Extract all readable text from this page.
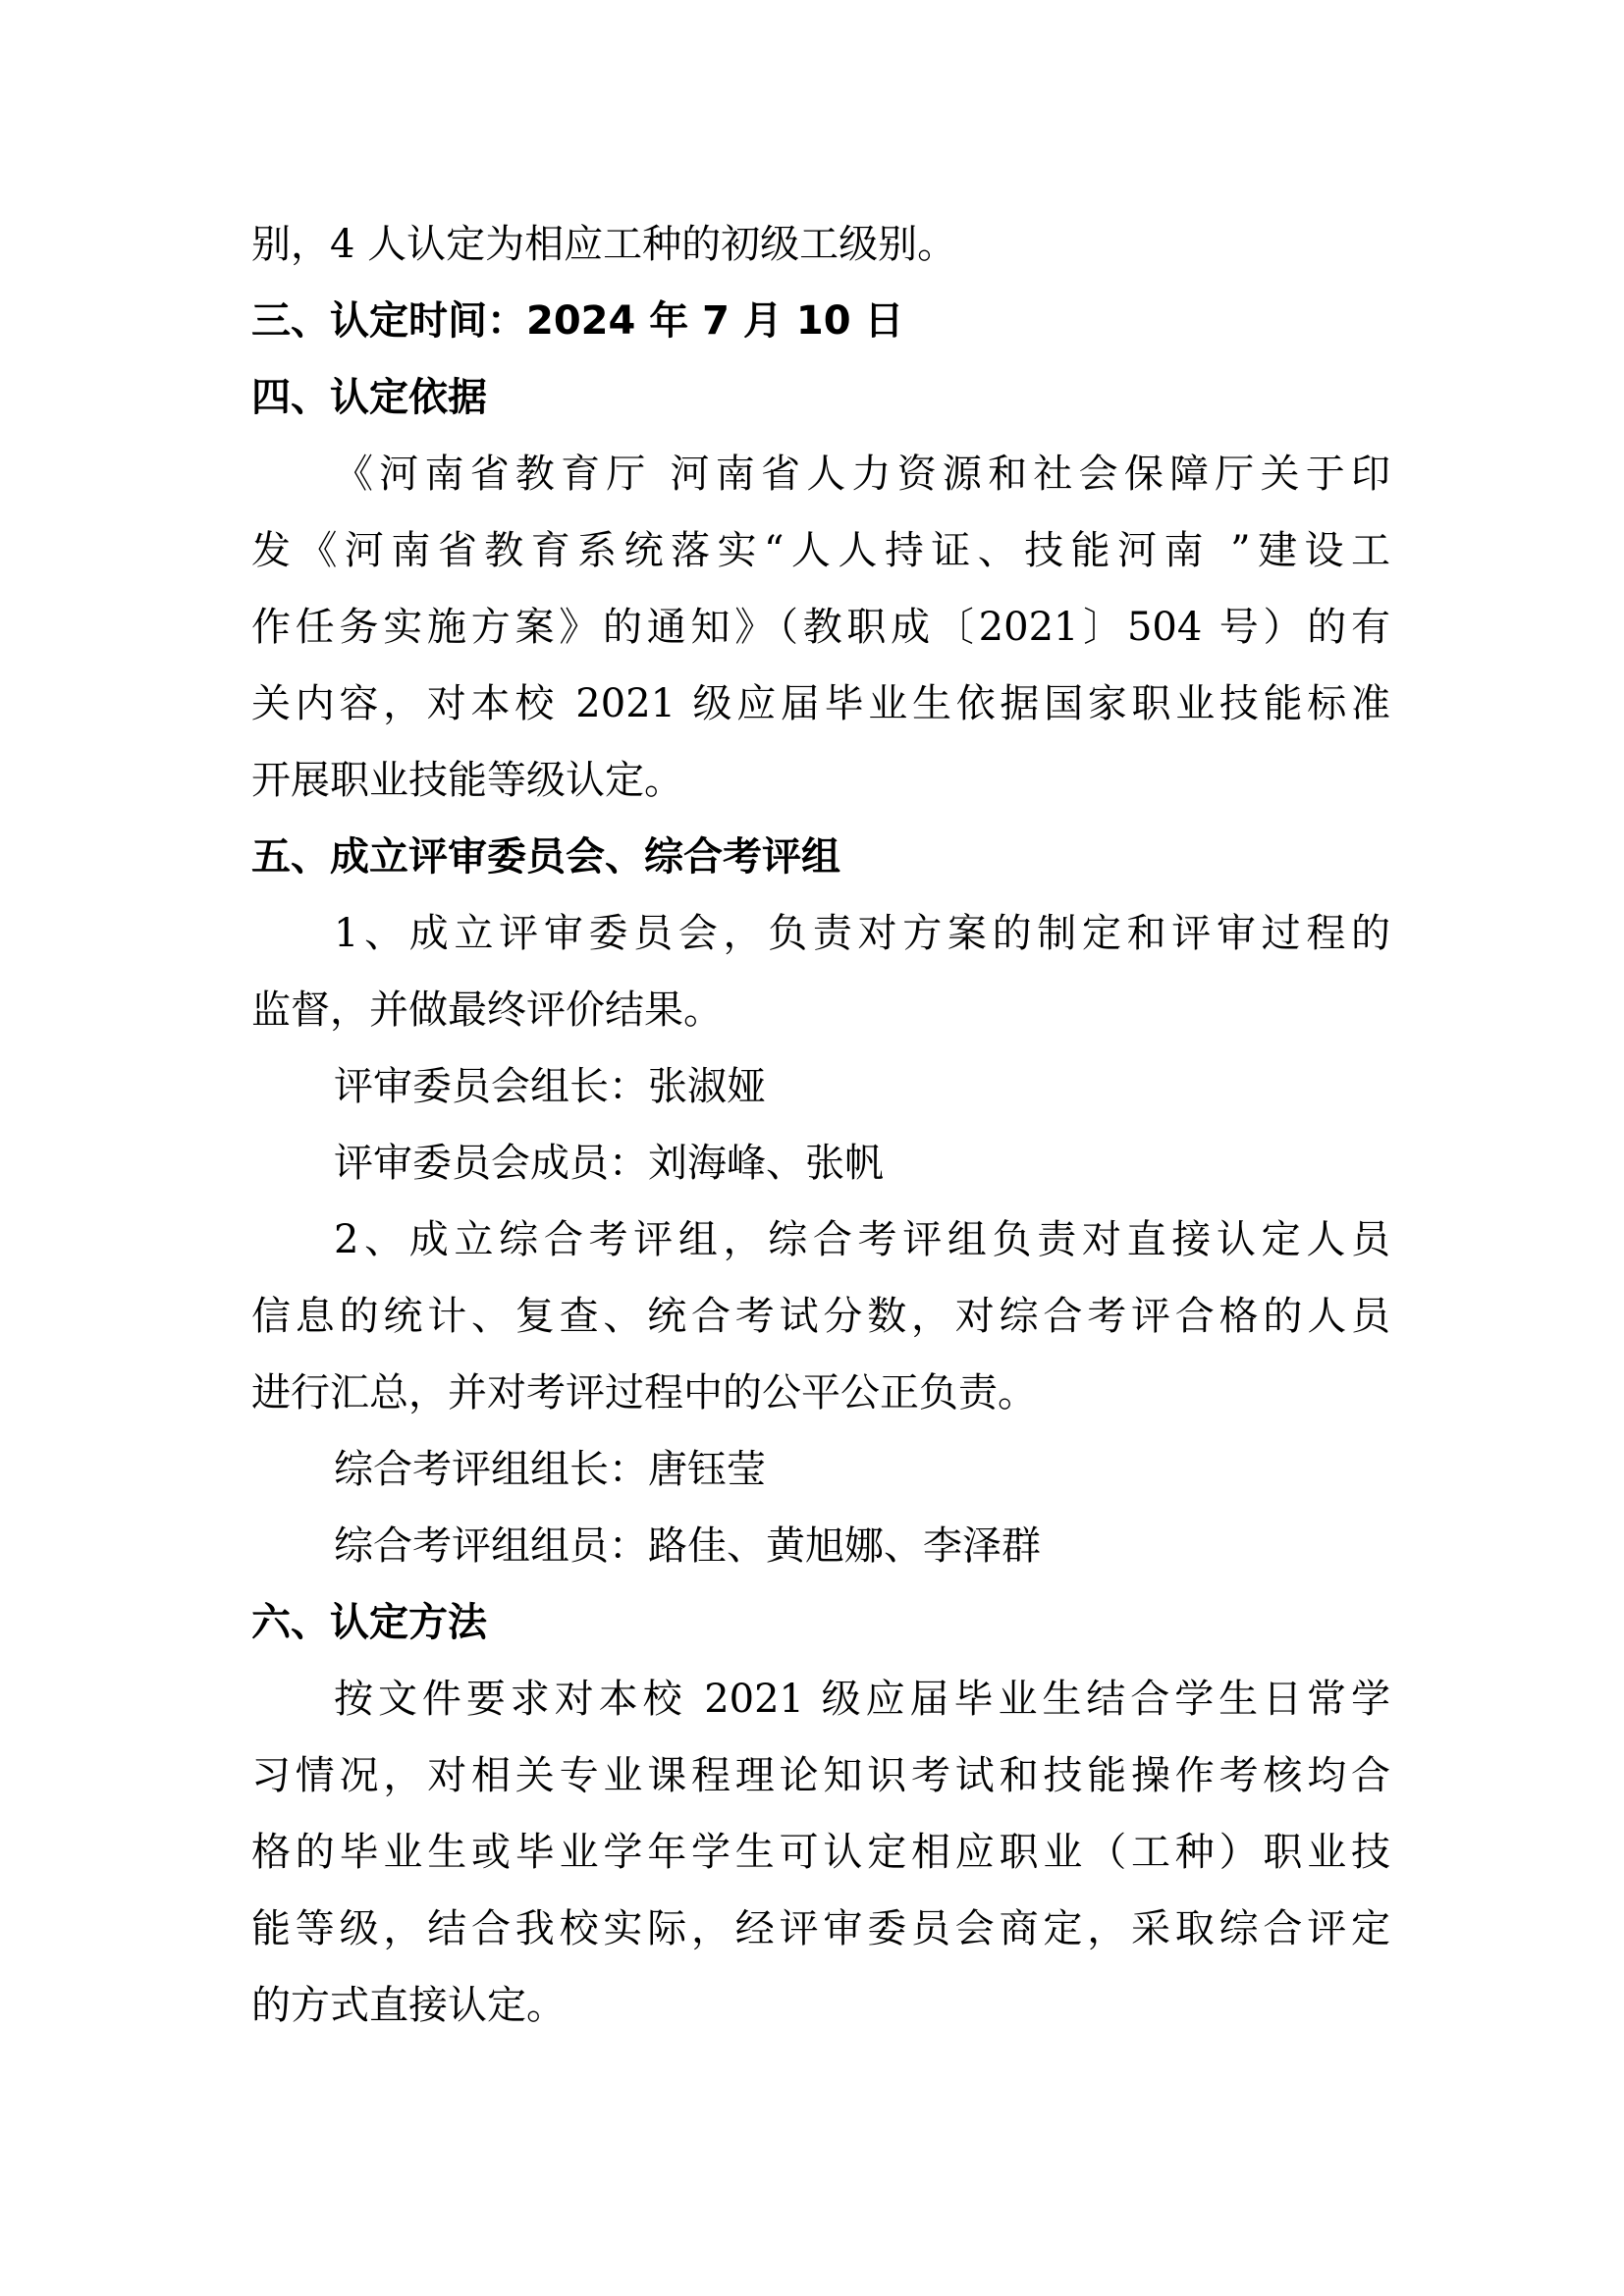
别，4 人认定为相应工种的初级工级别。
三、认定时间：2024 年 7 月 10 日
四、认定依据
《河南省教育厅 河南省人力资源和社会保障厅关于印
发《河南省教育系统落实“人人持证、技能河南 ”建设工
作任务实施方案》的通知》（教职成〔2021〕504 号）的有
关内容，对本校 2021 级应届毕业生依据国家职业技能标准
开展职业技能等级认定。
五、成立评审委员会、综合考评组
1、成立评审委员会，负责对方案的制定和评审过程的
监督，并做最终评价结果。
评审委员会组长：张淑娅
评审委员会成员：刘海峰、张帆
2、成立综合考评组，综合考评组负责对直接认定人员
信息的统计、复查、统合考试分数，对综合考评合格的人员
进行汇总，并对考评过程中的公平公正负责。
综合考评组组长：唐钰莹
综合考评组组员：路佳、黄旭娜、李泽群
六、认定方法
按文件要求对本校 2021 级应届毕业生结合学生日常学
习情况，对相关专业课程理论知识考试和技能操作考核均合
格的毕业生或毕业学年学生可认定相应职业（工种）职业技
能等级，结合我校实际，经评审委员会商定，采取综合评定
的方式直接认定。
